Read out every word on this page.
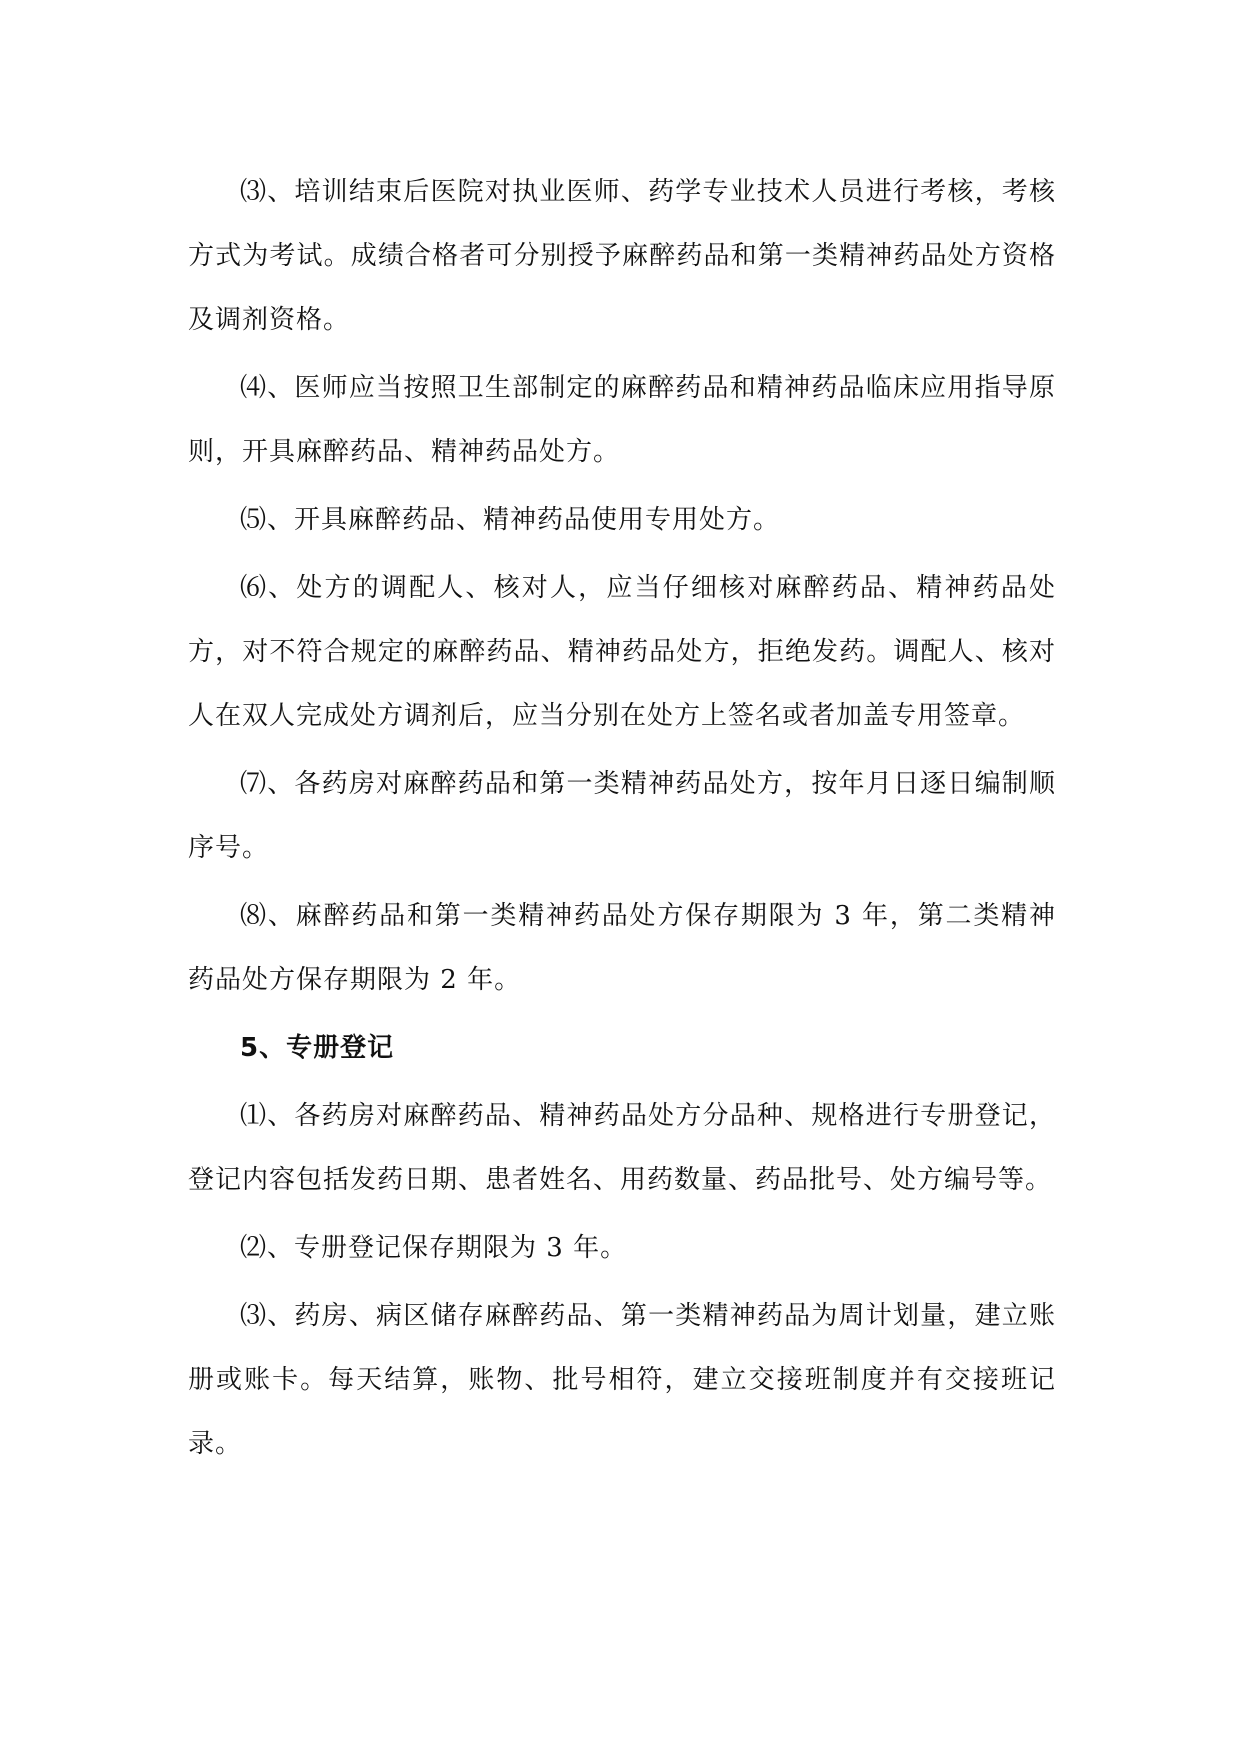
⑶、培训结束后医院对执业医师、药学专业技术人员进行考核，考核方式为考试。成绩合格者可分别授予麻醉药品和第一类精神药品处方资格及调剂资格。

⑷、医师应当按照卫生部制定的麻醉药品和精神药品临床应用指导原则，开具麻醉药品、精神药品处方。

⑸、开具麻醉药品、精神药品使用专用处方。

⑹、处方的调配人、核对人，应当仔细核对麻醉药品、精神药品处方，对不符合规定的麻醉药品、精神药品处方，拒绝发药。调配人、核对人在双人完成处方调剂后，应当分别在处方上签名或者加盖专用签章。

⑺、各药房对麻醉药品和第一类精神药品处方，按年月日逐日编制顺序号。

⑻、麻醉药品和第一类精神药品处方保存期限为 3 年，第二类精神药品处方保存期限为 2 年。

5、专册登记

⑴、各药房对麻醉药品、精神药品处方分品种、规格进行专册登记，登记内容包括发药日期、患者姓名、用药数量、药品批号、处方编号等。

⑵、专册登记保存期限为 3 年。

⑶、药房、病区储存麻醉药品、第一类精神药品为周计划量，建立账册或账卡。每天结算，账物、批号相符，建立交接班制度并有交接班记录。
